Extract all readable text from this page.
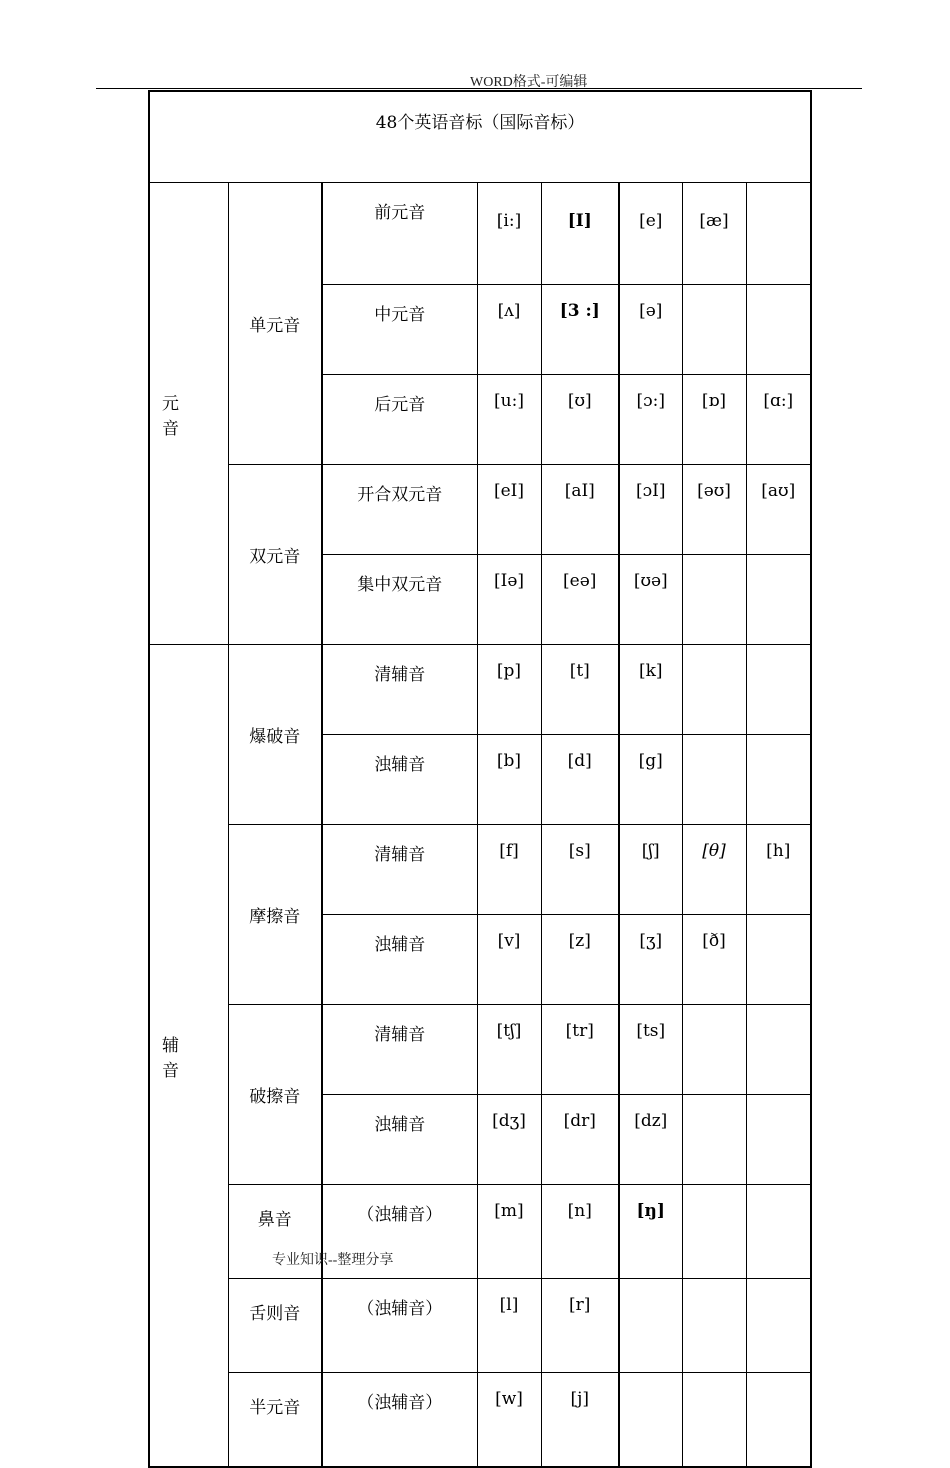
WORD格式-可编辑
48个英语音标（国际音标）							
元音	单元音	前元音	[i:]	[I]	[e]	[æ]	
		中元音	[ʌ]	[3 :]	[ə]		
		后元音	[u:]	[ʊ]	[ɔ:]	[ɒ]	[ɑ:]
	双元音	开合双元音	[eI]	[aI]	[ɔI]	[əʊ]	[aʊ]
		集中双元音	[Iə]	[eə]	[ʊə]		
辅音	爆破音	清辅音	[p]	[t]	[k]		
		浊辅音	[b]	[d]	[g]		
	摩擦音	清辅音	[f]	[s]	[ʃ]	[θ]	[h]
		浊辅音	[v]	[z]	[ʒ]	[ð]	
	破擦音	清辅音	[tʃ]	[tr]	[ts]		
		浊辅音	[dʒ]	[dr]	[dz]		
	鼻音	（浊辅音）	[m]	[n]	[ŋ]		
	舌则音	（浊辅音）	[l]	[r]			
	半元音	（浊辅音）	[w]	[j]			
专业知识--整理分享
